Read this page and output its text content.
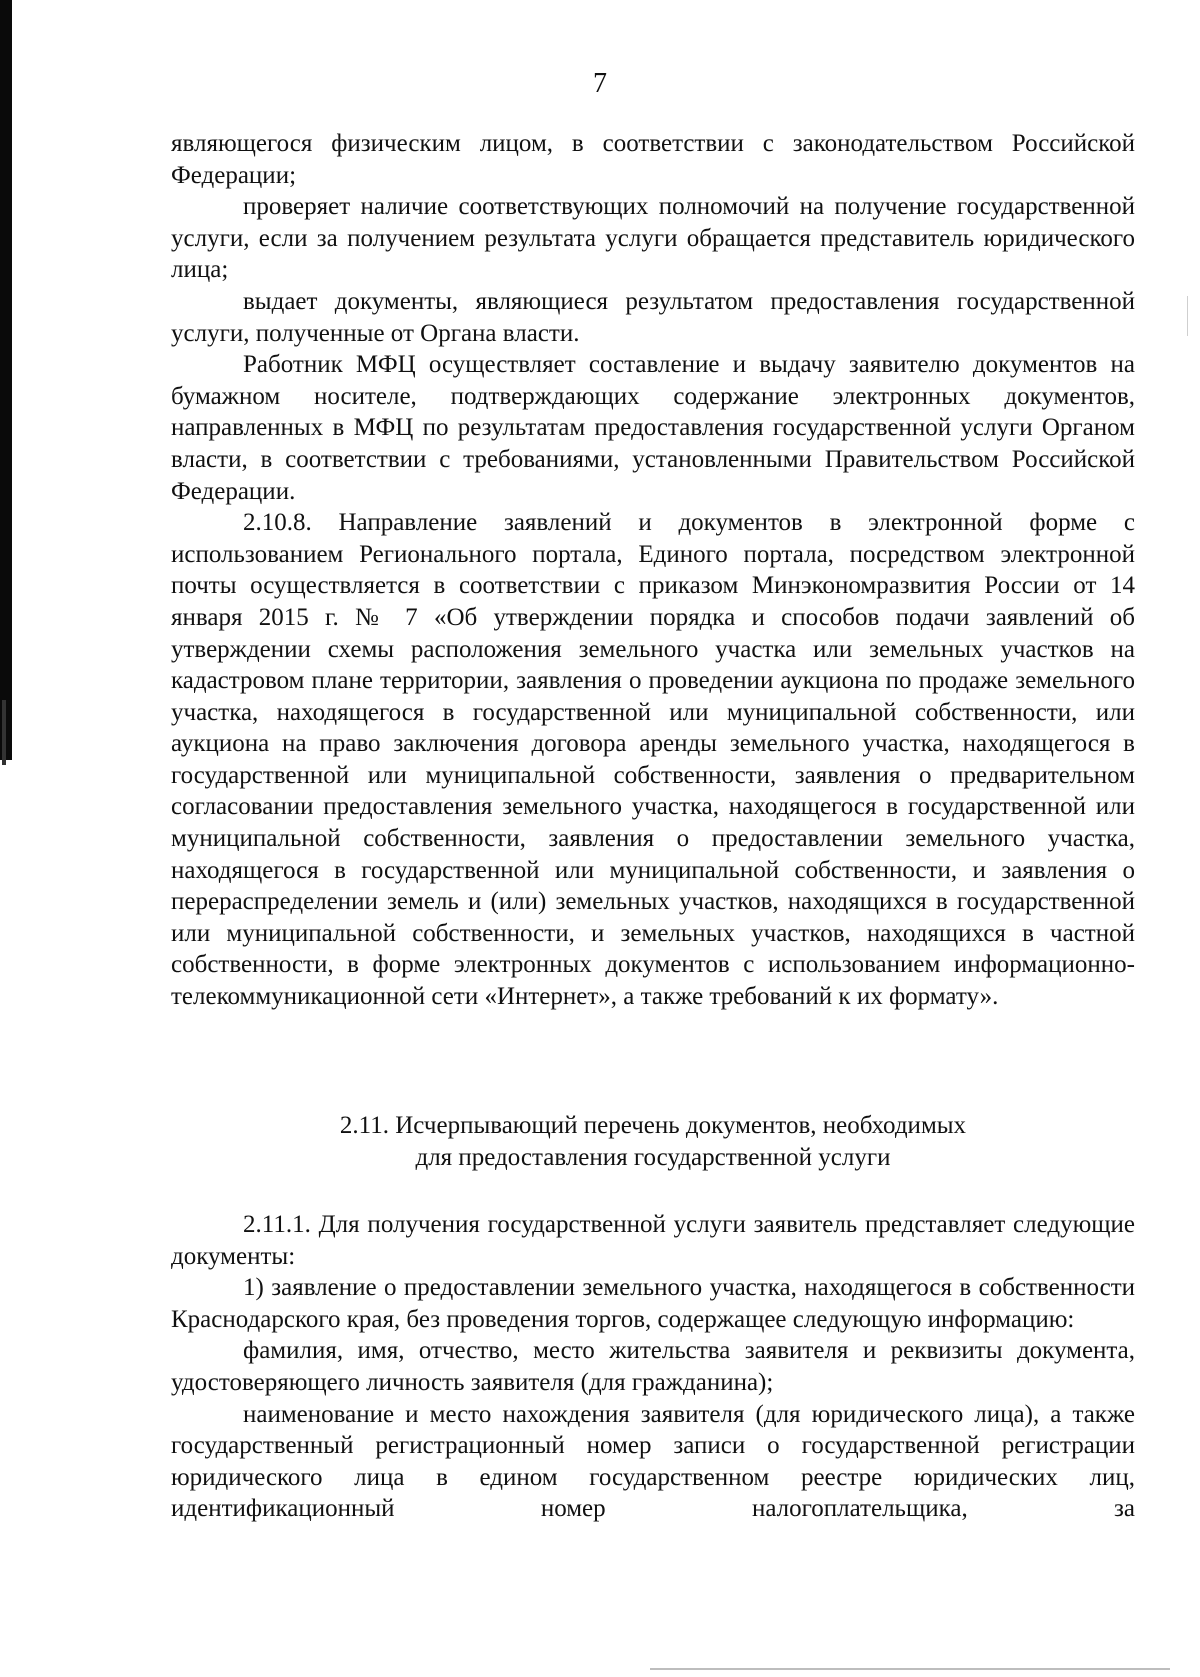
7

являющегося физическим лицом, в соответствии с законодательством Российской Федерации;

проверяет наличие соответствующих полномочий на получение государственной услуги, если за получением результата услуги обращается представитель юридического лица;

выдает документы, являющиеся результатом предоставления государственной услуги, полученные от Органа власти.

Работник МФЦ осуществляет составление и выдачу заявителю документов на бумажном носителе, подтверждающих содержание электронных документов, направленных в МФЦ по результатам предоставления государственной услуги Органом власти, в соответствии с требованиями, установленными Правительством Российской Федерации.

2.10.8. Направление заявлений и документов в электронной форме с использованием Регионального портала, Единого портала, посредством электронной почты осуществляется в соответствии с приказом Минэкономразвития России от 14 января 2015 г. № 7 «Об утверждении порядка и способов подачи заявлений об утверждении схемы расположения земельного участка или земельных участков на кадастровом плане территории, заявления о проведении аукциона по продаже земельного участка, находящегося в государственной или муниципальной собственности, или аукциона на право заключения договора аренды земельного участка, находящегося в государственной или муниципальной собственности, заявления о предварительном согласовании предоставления земельного участка, находящегося в государственной или муниципальной собственности, заявления о предоставлении земельного участка, находящегося в государственной или муниципальной собственности, и заявления о перераспределении земель и (или) земельных участков, находящихся в государственной или муниципальной собственности, и земельных участков, находящихся в частной собственности, в форме электронных документов с использованием информационно-телекоммуникационной сети «Интернет», а также требований к их формату».

2.11. Исчерпывающий перечень документов, необходимых
для предоставления государственной услуги

2.11.1. Для получения государственной услуги заявитель представляет следующие документы:

1) заявление о предоставлении земельного участка, находящегося в собственности Краснодарского края, без проведения торгов, содержащее следующую информацию:

фамилия, имя, отчество, место жительства заявителя и реквизиты документа, удостоверяющего личность заявителя (для гражданина);

наименование и место нахождения заявителя (для юридического лица), а также государственный регистрационный номер записи о государственной регистрации юридического лица в едином государственном реестре юридических лиц, идентификационный номер налогоплательщика, за
